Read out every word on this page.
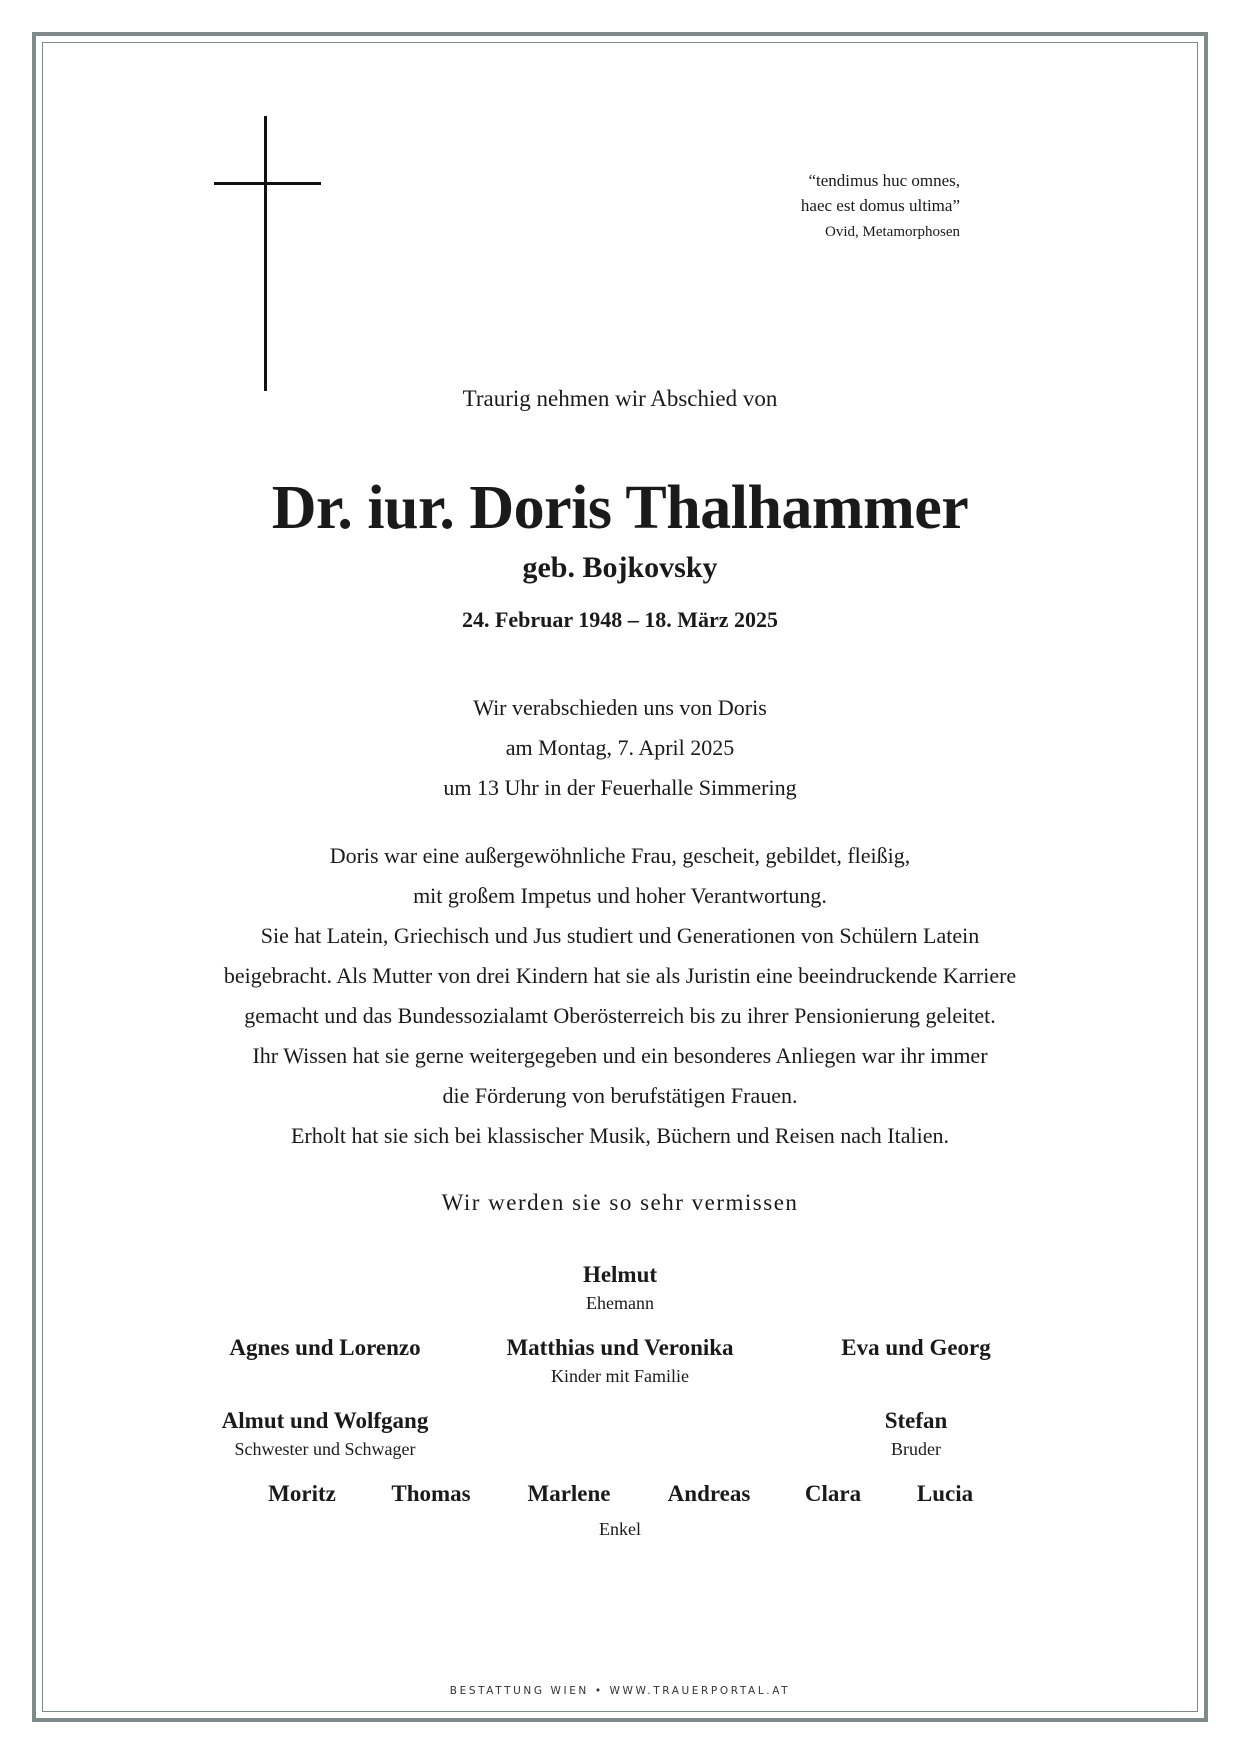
“tendimus huc omnes,
haec est domus ultima”
Ovid, Metamorphosen
Traurig nehmen wir Abschied von
Dr. iur. Doris Thalhammer
geb. Bojkovsky
24. Februar 1948 – 18. März 2025
Wir verabschieden uns von Doris
am Montag, 7. April 2025
um 13 Uhr in der Feuerhalle Simmering
Doris war eine außergewöhnliche Frau, gescheit, gebildet, fleißig,
mit großem Impetus und hoher Verantwortung.
Sie hat Latein, Griechisch und Jus studiert und Generationen von Schülern Latein
beigebracht. Als Mutter von drei Kindern hat sie als Juristin eine beeindruckende Karriere
gemacht und das Bundessozialamt Oberösterreich bis zu ihrer Pensionierung geleitet.
Ihr Wissen hat sie gerne weitergegeben und ein besonderes Anliegen war ihr immer
die Förderung von berufstätigen Frauen.
Erholt hat sie sich bei klassischer Musik, Büchern und Reisen nach Italien.
Wir werden sie so sehr vermissen
Helmut
Ehemann
Agnes und Lorenzo	Matthias und Veronika
Kinder mit Familie
Eva und Georg
Almut und Wolfgang
Schwester und Schwager
Stefan
Bruder
Moritz Thomas Marlene Andreas Clara Lucia
Enkel
BESTATTUNG WIEN • WWW.TRAUERPORTAL.AT
